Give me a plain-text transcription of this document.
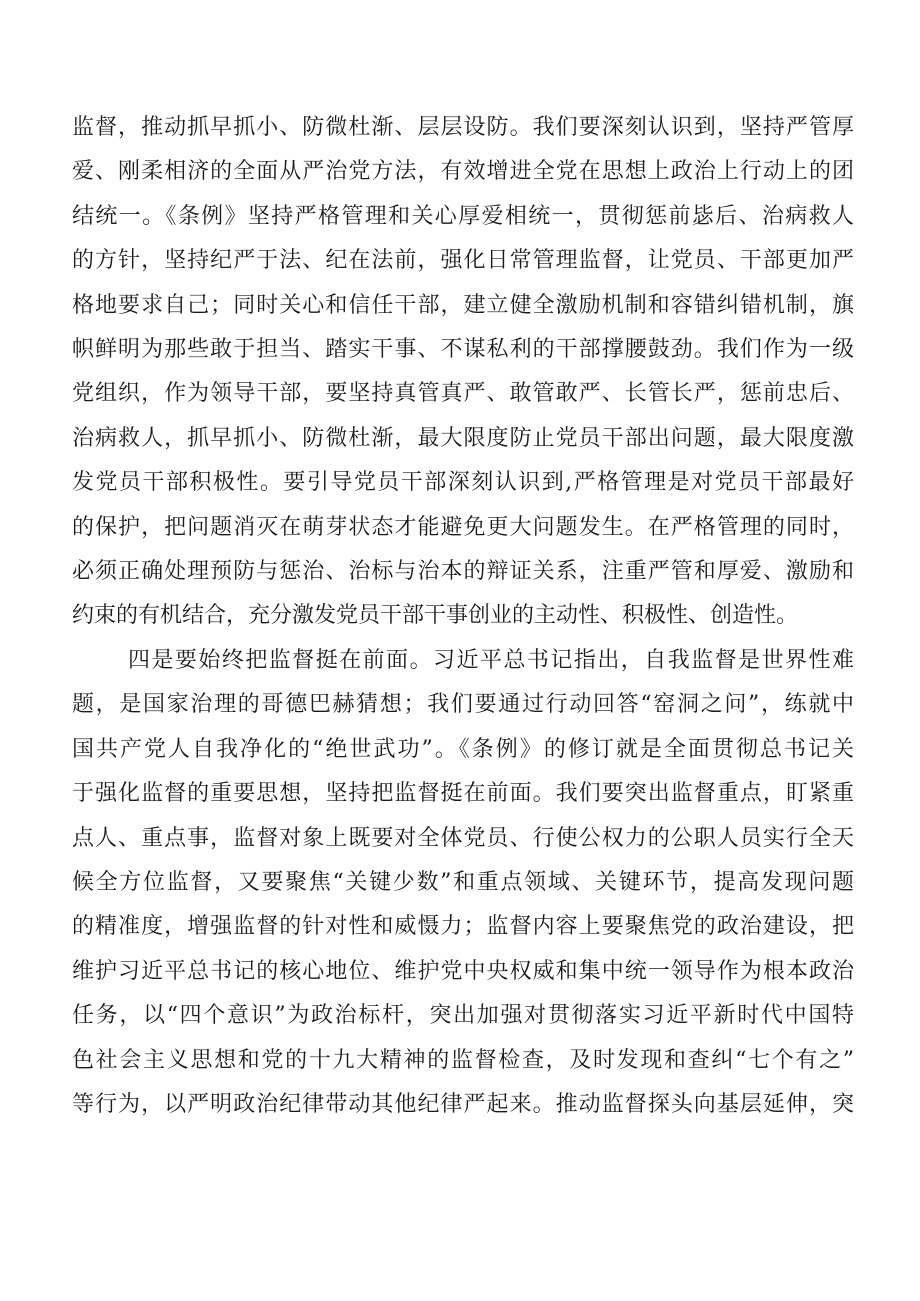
监督，推动抓早抓小、防微杜渐、层层设防。我们要深刻认识到，坚持严管厚
爱、刚柔相济的全面从严治党方法，有效增进全党在思想上政治上行动上的团
结统一。《条例》坚持严格管理和关心厚爱相统一，贯彻惩前毖后、治病救人
的方针，坚持纪严于法、纪在法前，强化日常管理监督，让党员、干部更加严
格地要求自己；同时关心和信任干部，建立健全激励机制和容错纠错机制，旗
帜鲜明为那些敢于担当、踏实干事、不谋私利的干部撑腰鼓劲。我们作为一级
党组织，作为领导干部，要坚持真管真严、敢管敢严、长管长严，惩前忠后、
治病救人，抓早抓小、防微杜渐，最大限度防止党员干部出问题，最大限度激
发党员干部积极性。要引导党员干部深刻认识到,严格管理是对党员干部最好
的保护，把问题消灭在萌芽状态才能避免更大问题发生。在严格管理的同时，
必须正确处理预防与惩治、治标与治本的辩证关系，注重严管和厚爱、激励和
约束的有机结合，充分激发党员干部干事创业的主动性、积极性、创造性。
四是要始终把监督挺在前面。习近平总书记指出，自我监督是世界性难
题，是国家治理的哥德巴赫猜想；我们要通过行动回答“窑洞之问”，练就中
国共产党人自我净化的“绝世武功”。《条例》的修订就是全面贯彻总书记关
于强化监督的重要思想，坚持把监督挺在前面。我们要突出监督重点，盯紧重
点人、重点事，监督对象上既要对全体党员、行使公权力的公职人员实行全天
候全方位监督，又要聚焦“关键少数”和重点领域、关键环节，提高发现问题
的精准度，增强监督的针对性和威慑力；监督内容上要聚焦党的政治建设，把
维护习近平总书记的核心地位、维护党中央权威和集中统一领导作为根本政治
任务，以“四个意识”为政治标杆，突出加强对贯彻落实习近平新时代中国特
色社会主义思想和党的十九大精神的监督检查，及时发现和查纠“七个有之”
等行为，以严明政治纪律带动其他纪律严起来。推动监督探头向基层延伸，突
